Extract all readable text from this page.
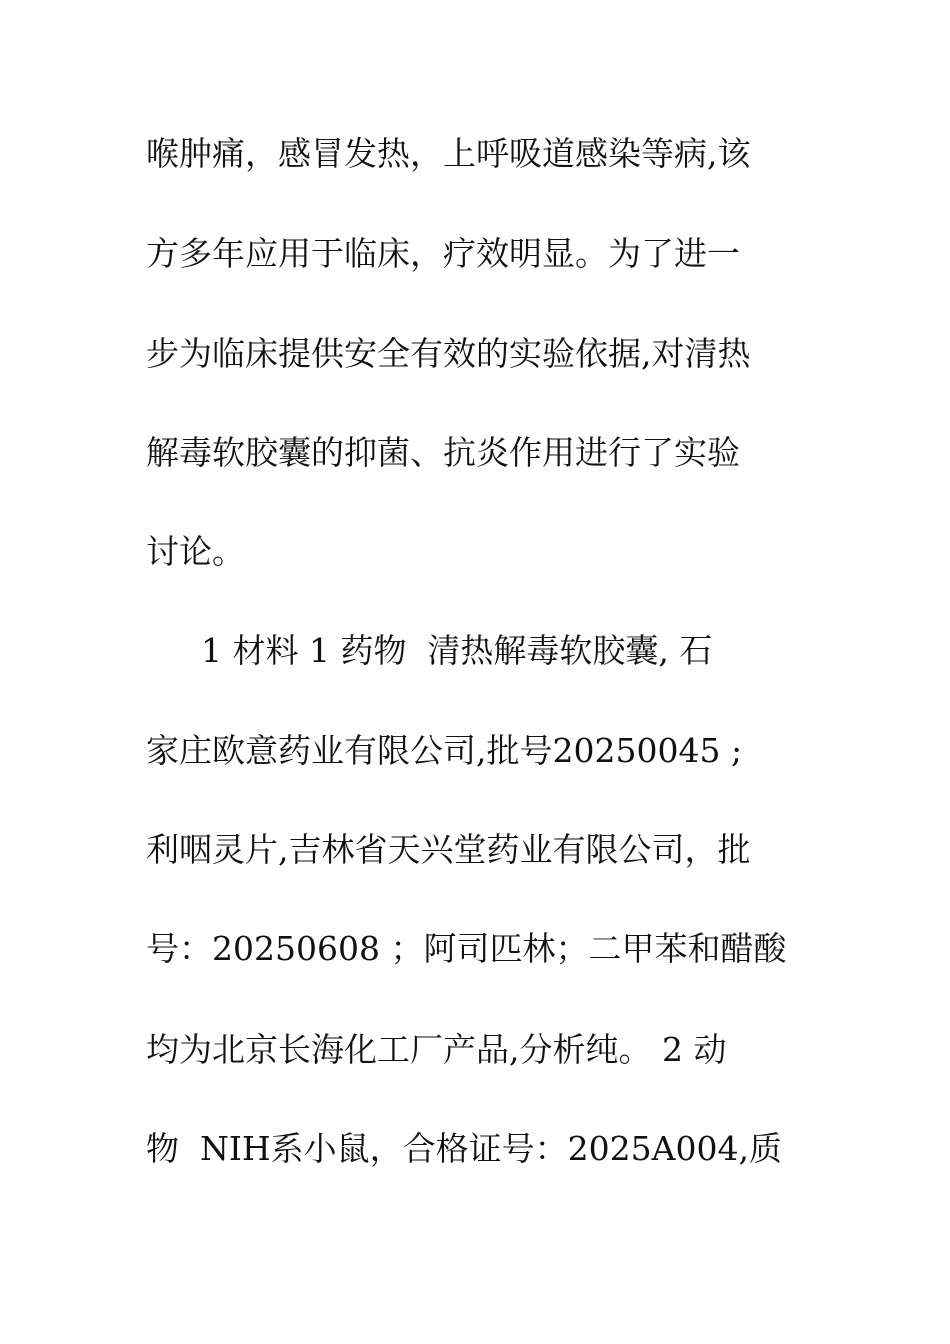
喉肿痛，感冒发热，上呼吸道感染等病,该
方多年应用于临床，疗效明显。为了进一
步为临床提供安全有效的实验依据,对清热
解毒软胶囊的抑菌、抗炎作用进行了实验
讨论。
1 材料 1 药物  清热解毒软胶囊, 石
家庄欧意药业有限公司,批号20250045 ;
利咽灵片,吉林省天兴堂药业有限公司，批
号：20250608 ；阿司匹林；二甲苯和醋酸
均为北京长海化工厂产品,分析纯。 2 动
物  NIH系小鼠，合格证号：2025A004,质
